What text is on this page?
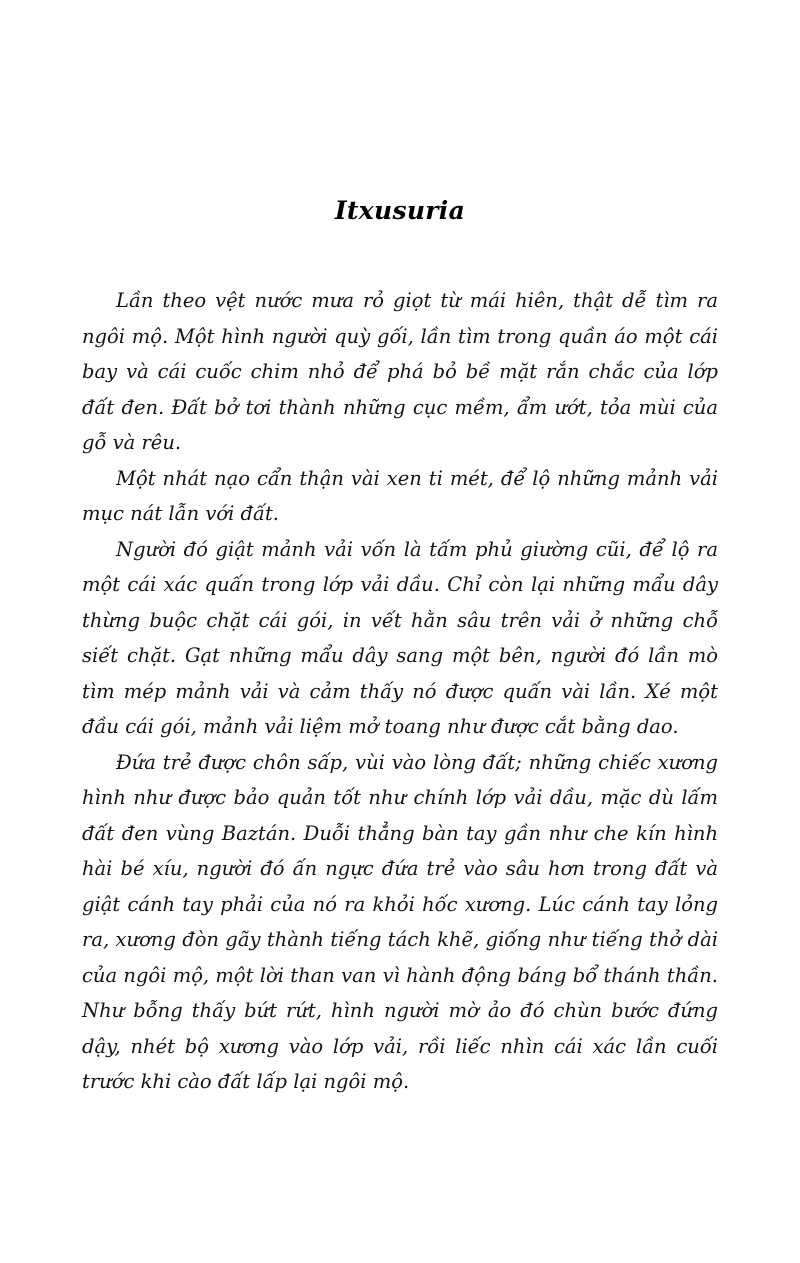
Itxusuria

Lần theo vệt nước mưa rỏ giọt từ mái hiên, thật dễ tìm ra ngôi mộ. Một hình người quỳ gối, lần tìm trong quần áo một cái bay và cái cuốc chim nhỏ để phá bỏ bề mặt rắn chắc của lớp đất đen. Đất bở tơi thành những cục mềm, ẩm ướt, tỏa mùi của gỗ và rêu.

Một nhát nạo cẩn thận vài xen ti mét, để lộ những mảnh vải mục nát lẫn với đất.

Người đó giật mảnh vải vốn là tấm phủ giường cũi, để lộ ra một cái xác quấn trong lớp vải dầu. Chỉ còn lại những mẩu dây thừng buộc chặt cái gói, in vết hằn sâu trên vải ở những chỗ siết chặt. Gạt những mẩu dây sang một bên, người đó lần mò tìm mép mảnh vải và cảm thấy nó được quấn vài lần. Xé một đầu cái gói, mảnh vải liệm mở toang như được cắt bằng dao.

Đứa trẻ được chôn sấp, vùi vào lòng đất; những chiếc xương hình như được bảo quản tốt như chính lớp vải dầu, mặc dù lấm đất đen vùng Baztán. Duỗi thẳng bàn tay gần như che kín hình hài bé xíu, người đó ấn ngực đứa trẻ vào sâu hơn trong đất và giật cánh tay phải của nó ra khỏi hốc xương. Lúc cánh tay lỏng ra, xương đòn gãy thành tiếng tách khẽ, giống như tiếng thở dài của ngôi mộ, một lời than van vì hành động báng bổ thánh thần. Như bỗng thấy bứt rứt, hình người mờ ảo đó chùn bước đứng dậy, nhét bộ xương vào lớp vải, rồi liếc nhìn cái xác lần cuối trước khi cào đất lấp lại ngôi mộ.
